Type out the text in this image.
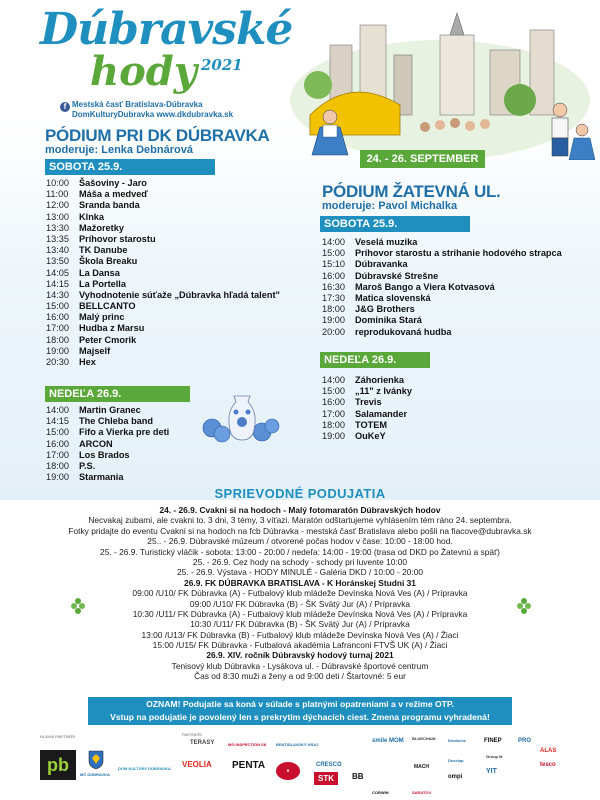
Dúbravské
hody 2021
f Mestská časť Bratislava-Dúbravka
DomKulturyDubravka www.dkdubravka.sk
24. - 26. SEPTEMBER
PÓDIUM PRI DK DÚBRAVKA
moderuje: Lenka Debnárová
SOBOTA 25.9.
10:00	Šašoviny - Jaro
11:00	Máša a medveď
12:00	Sranda banda
13:00	Klnka
13:30	Mažoretky
13:35	Príhovor starostu
13:40	TK Danube
13:50	Škola Breaku
14:05	La Dansa
14:15	La Portella
14:30	Vyhodnotenie súťaže „Dúbravka hľadá talent"
15:00	BELLCANTO
16:00	Malý princ
17:00	Hudba z Marsu
18:00	Peter Cmorik
19:00	Majself
20:30	Hex
NEDEĽA 26.9.
14:00	Martin Granec
14:15	The Chleba band
15:00	Fifo a Vierka pre deti
16:00	ARCON
17:00	Los Brados
18:00	P.S.
19:00	Starmania
PÓDIUM ŽATEVNÁ UL.
moderuje: Pavol Michalka
SOBOTA 25.9.
14:00	Veselá muzika
15:00	Príhovor starostu a strihanie hodového strapca
15:10	Dúbravanka
16:00	Dúbravské Strešne
16:30	Maroš Bango a Viera Kotvasová
17:30	Matica slovenská
18:00	J&G Brothers
19:00	Dominika Stará
20:00	reprodukovaná hudba
NEDEĽA 26.9.
14:00	Záhorienka
15:00	„11" z Ivánky
16:00	Trevis
17:00	Salamander
18:00	TOTEM
19:00	OuKeY
SPRIEVODNÉ PODUJATIA
24. - 26.9. Cvakni si na hodoch - Malý fotomaratón Dúbravských hodov
Necvakaj zubami, ale cvakni to. 3 dni, 3 témy, 3 víťazi. Maratón odštartujeme vyhlásením tém ráno 24. septembra.
Fotky pridajte do eventu Cvakni si na hodoch na fcb Dúbravka - mestská časť Bratislava alebo pošli na fiacove@dubravka.sk
25.. - 26.9. Dúbravské múzeum / otvorené počas hodov v čase: 10:00 - 18:00 hod.
25. - 26.9. Turistický vláčik - sobota: 13:00 - 20:00 / nedeľa: 14:00 - 19:00 (trasa od DKD po Žatevnú a späť)
25. - 26.9. Cez hody na schody - schody pri luvente 10:00
25. - 26.9. Výstava - HODY MINULÉ - Galéria DKD / 10:00 - 20:00
26.9. FK DÚBRAVKA BRATISLAVA - K Horánskej Studni 31
09:00 /U10/ FK Dúbravka (A) - Futbalový klub mládeže Devínska Nová Ves (A) / Prípravka
09:00 /U10/ FK Dúbravka (B) - ŠK Svätý Jur (A) / Prípravka
10:30 /U11/ FK Dúbravka (A) - Futbalový klub mládeže Devínska Nová Ves (A) / Prípravka
10:30 /U11/ FK Dúbravka (B) - ŠK Svätý Jur (A) / Prípravka
13:00 /U13/ FK Dúbravka (B) - Futbalový klub mládeže Devínska Nová Ves (A) / Žiaci
15:00 /U15/ FK Dúbravka - Futbalová akadémia Lafranconi FTVŠ UK (A) / Žiaci
26.9. XIV. ročník Dúbravský hodový turnaj 2021
Tenisový klub Dúbravka - Lysákova ul. - Dúbravské športové centrum
Čas od 8:30 muži a ženy a od 9:00 deti / Štartovné: 5 eur
OZNAM! Podujatie sa koná v súlade s platnými opatreniami a v režime OTP.
Vstup na podujatie je povolený len s prekrytím dýchacích ciest. Zmena programu vyhradená!
HLAVNÍ PARTNERI	PARTNERI
pb	MČ DÚBRAVKA
DOM KULTÚRY DÚBRAVKA
TERASY
VEOLIA
MG INSPECTION SK
PENTA
BRATISLAVSKÝ KRAJ
●
CRESCO
STK
smile MOM
BB
BLUECHAIN	Deutsche	FINEP	PRO
Group M
MACH
Develop
ompi
SARATOV
CORWIN
YIT
tesco
ALAS
